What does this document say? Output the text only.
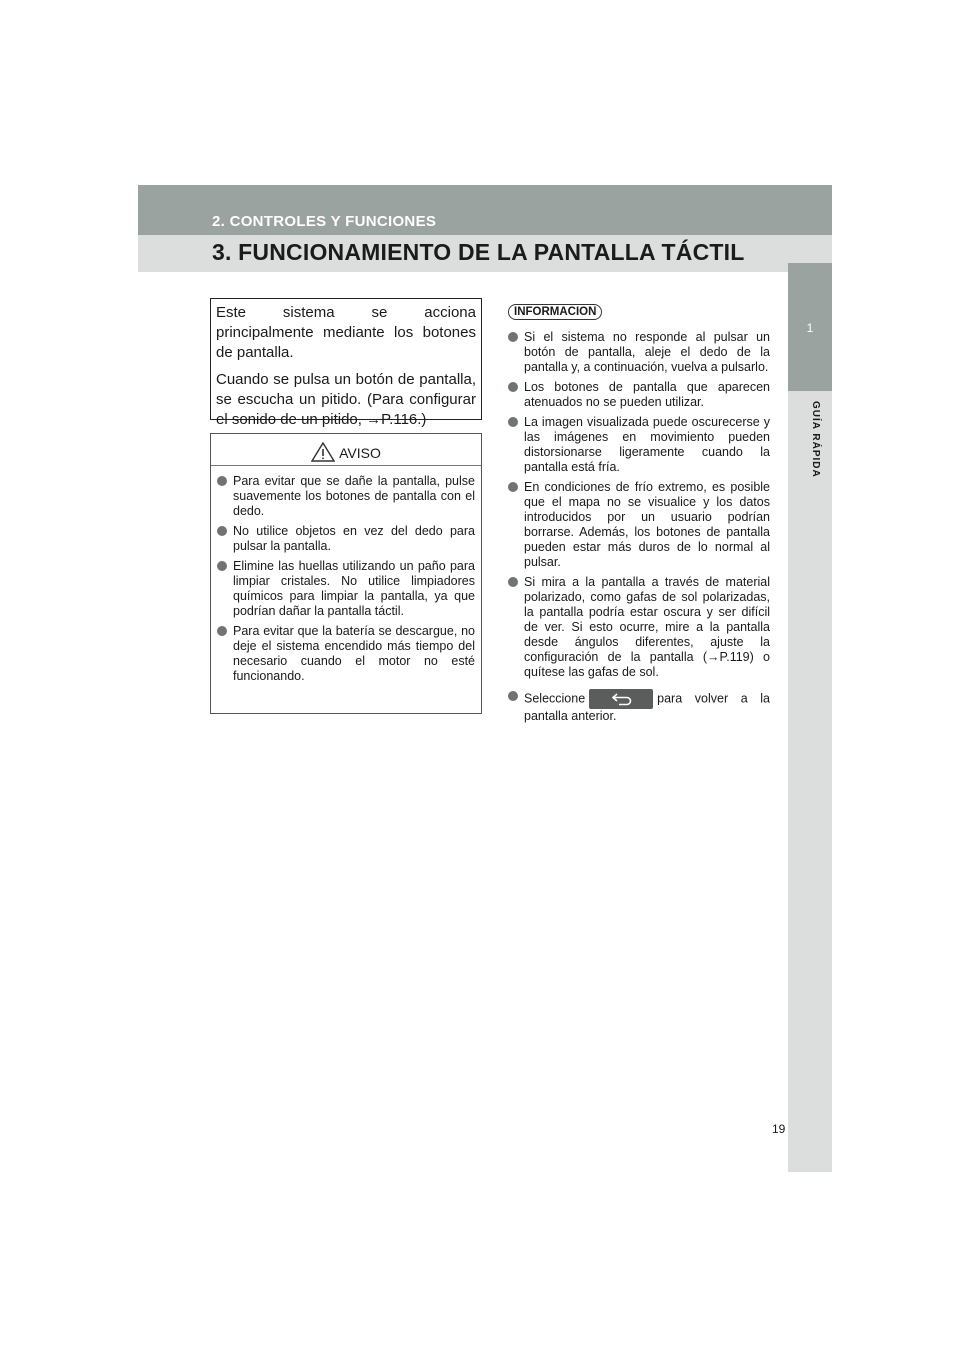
2. CONTROLES Y FUNCIONES
3. FUNCIONAMIENTO DE LA PANTALLA TÁCTIL
1
GUÍA RÁPIDA

Este sistema se acciona principalmente mediante los botones de pantalla.

Cuando se pulsa un botón de pantalla, se escucha un pitido. (Para configurar el sonido de un pitido, →P.116.)

AVISO
Para evitar que se dañe la pantalla, pulse suavemente los botones de pantalla con el dedo.
No utilice objetos en vez del dedo para pulsar la pantalla.
Elimine las huellas utilizando un paño para limpiar cristales. No utilice limpiadores químicos para limpiar la pantalla, ya que podrían dañar la pantalla táctil.
Para evitar que la batería se descargue, no deje el sistema encendido más tiempo del necesario cuando el motor no esté funcionando.
INFORMACION
Si el sistema no responde al pulsar un botón de pantalla, aleje el dedo de la pantalla y, a continuación, vuelva a pulsarlo.
Los botones de pantalla que aparecen atenuados no se pueden utilizar.
La imagen visualizada puede oscurecerse y las imágenes en movimiento pueden distorsionarse ligeramente cuando la pantalla está fría.
En condiciones de frío extremo, es posible que el mapa no se visualice y los datos introducidos por un usuario podrían borrarse. Además, los botones de pantalla pueden estar más duros de lo normal al pulsar.
Si mira a la pantalla a través de material polarizado, como gafas de sol polarizadas, la pantalla podría estar oscura y ser difícil de ver. Si esto ocurre, mire a la pantalla desde ángulos diferentes, ajuste la configuración de la pantalla (→P.119) o quítese las gafas de sol.
Seleccione	para volver a la pantalla anterior.
19
